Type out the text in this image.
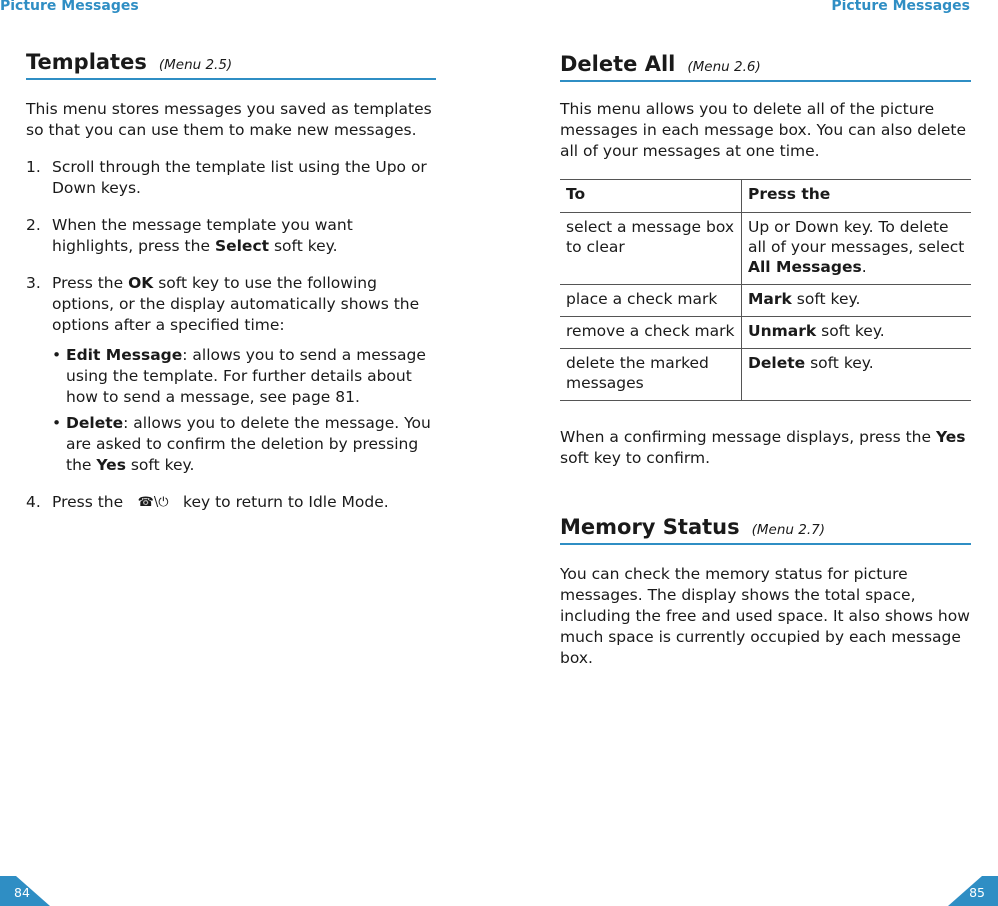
Picture Messages	Picture Messages
Templates (Menu 2.5)

This menu stores messages you saved as templates so that you can use them to make new messages.

1. Scroll through the template list using the Upo or Down keys.
2. When the message template you want highlights, press the Select soft key.
3. Press the OK soft key to use the following options, or the display automatically shows the options after a specified time:
• Edit Message: allows you to send a message using the template. For further details about how to send a message, see page 81.
• Delete: allows you to delete the message. You are asked to confirm the deletion by pressing the Yes soft key.
4. Press the ☎\⏻ key to return to Idle Mode.
Delete All (Menu 2.6)

This menu allows you to delete all of the picture messages in each message box. You can also delete all of your messages at one time.

To	Press the
select a message box to clear	Up or Down key. To delete all of your messages, select All Messages.
place a check mark	Mark soft key.
remove a check mark	Unmark soft key.
delete the marked messages	Delete soft key.

When a confirming message displays, press the Yes soft key to confirm.

Memory Status (Menu 2.7)

You can check the memory status for picture messages. The display shows the total space, including the free and used space. It also shows how much space is currently occupied by each message box.

84	85
